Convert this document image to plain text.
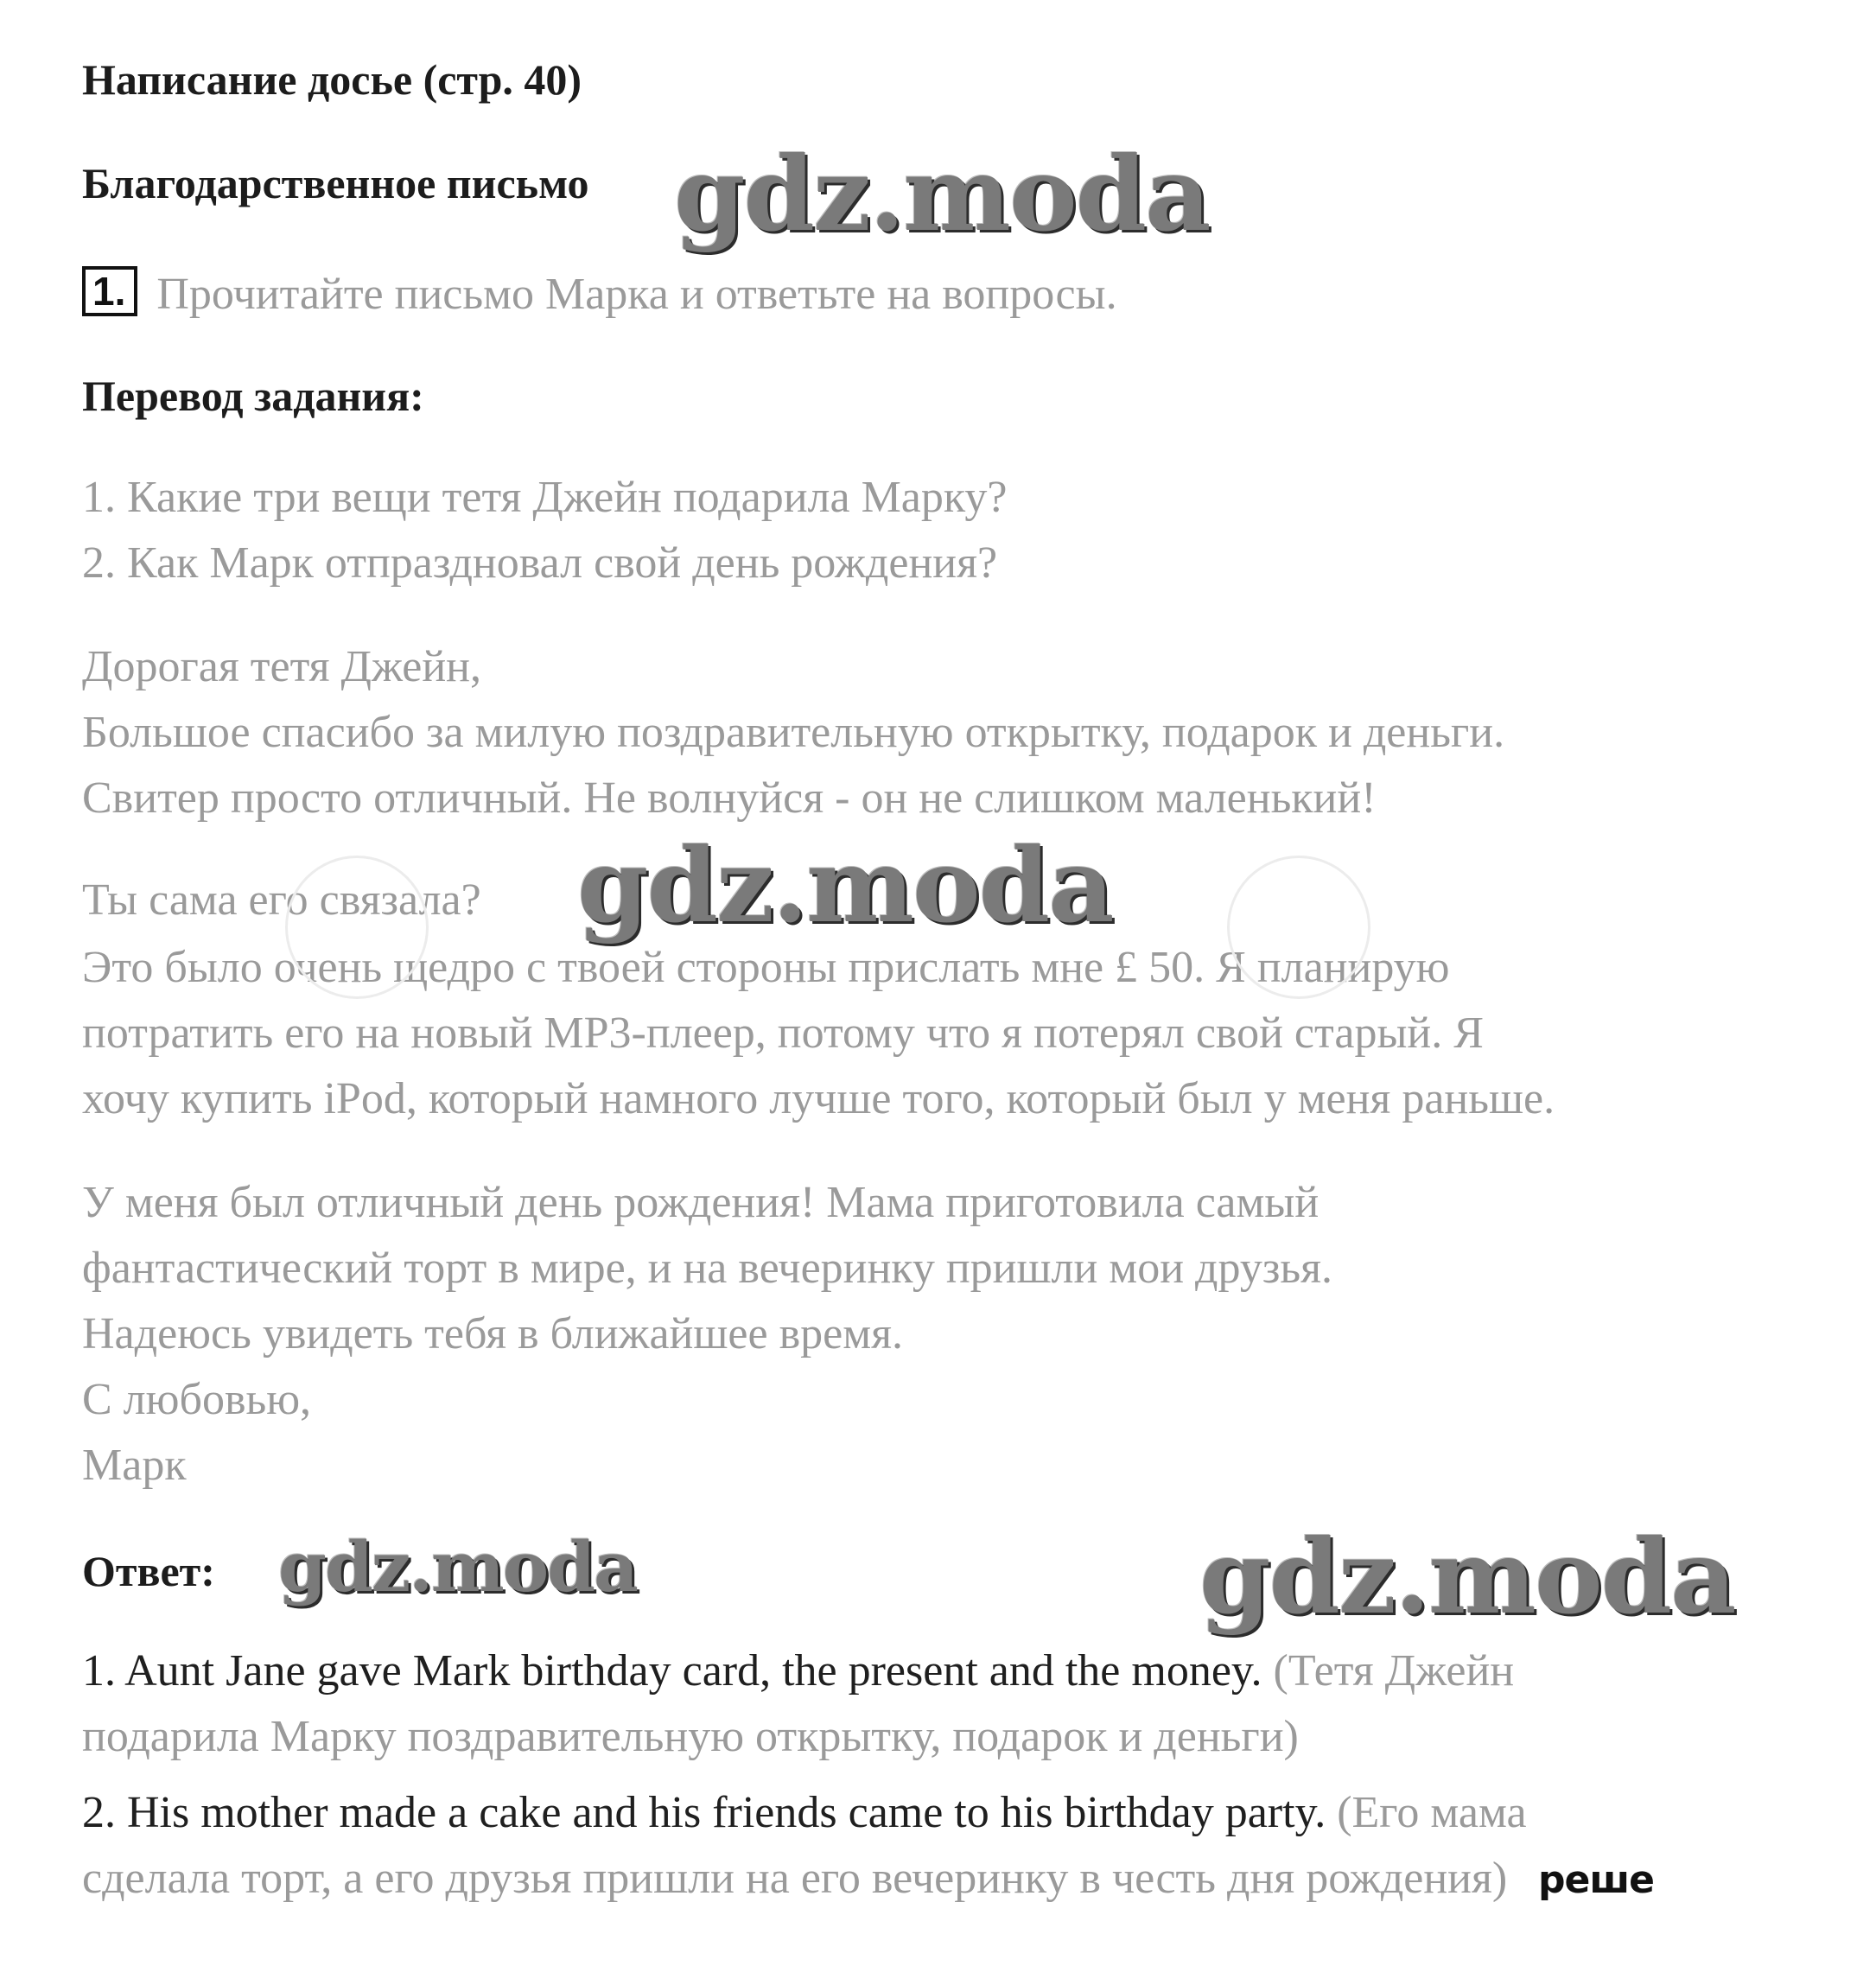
Написание досье (стр. 40)

Благодарственное письмо

1. Прочитайте письмо Марка и ответьте на вопросы.

Перевод задания:

1. Какие три вещи тетя Джейн подарила Марку?

2. Как Марк отпраздновал свой день рождения?

Дорогая тетя Джейн,

Большое спасибо за милую поздравительную открытку, подарок и деньги.

Свитер просто отличный. Не волнуйся - он не слишком маленький!

Ты сама его связала?

Это было очень щедро с твоей стороны прислать мне £ 50. Я планирую

потратить его на новый MP3-плеер, потому что я потерял свой старый. Я

хочу купить iPod, который намного лучше того, который был у меня раньше.

У меня был отличный день рождения! Мама приготовила самый

фантастический торт в мире, и на вечеринку пришли мои друзья.

Надеюсь увидеть тебя в ближайшее время.

С любовью,

Марк

Ответ:

1. Aunt Jane gave Mark birthday card, the present and the money. (Тетя Джейн

подарила Марку поздравительную открытку, подарок и деньги)

2. His mother made a cake and his friends came to his birthday party. (Его мама

сделала торт, а его друзья пришли на его вечеринку в честь дня рождения)

gdz.moda
gdz.moda
gdz.moda	gdz.moda
реше
